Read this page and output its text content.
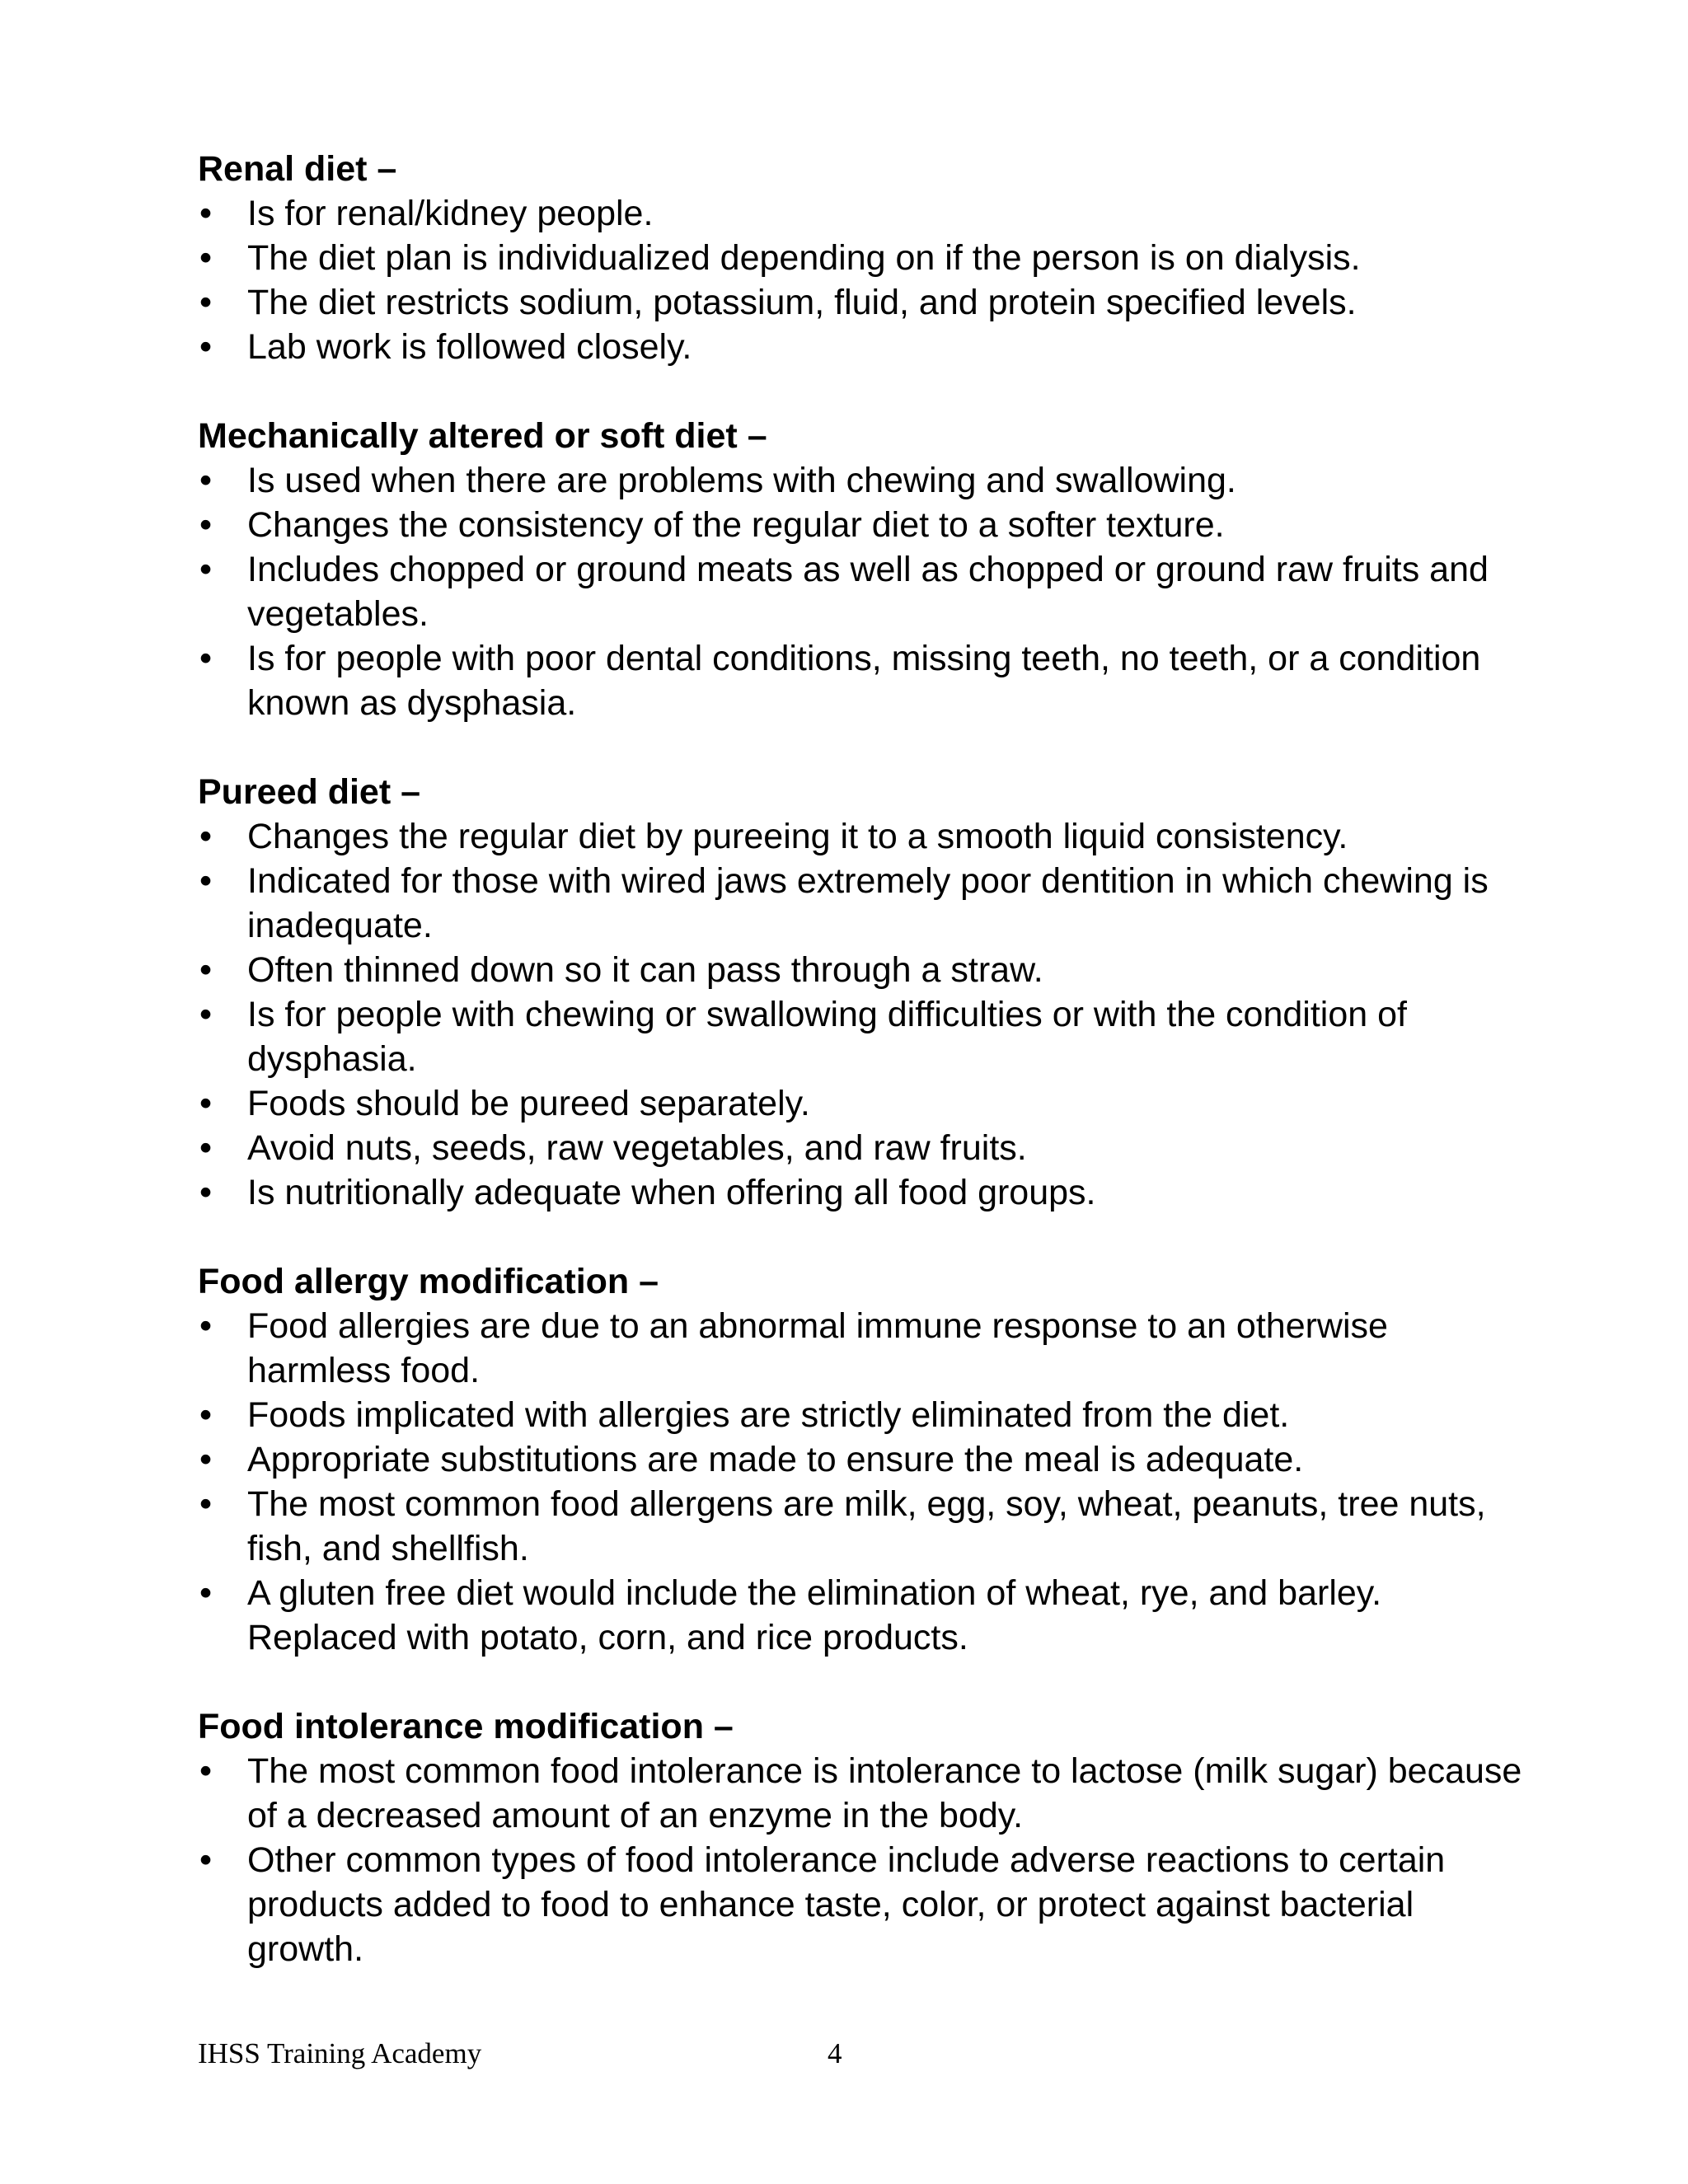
Renal diet –

• Is for renal/kidney people.
• The diet plan is individualized depending on if the person is on dialysis.
• The diet restricts sodium, potassium, fluid, and protein specified levels.
• Lab work is followed closely.

Mechanically altered or soft diet –

• Is used when there are problems with chewing and swallowing.
• Changes the consistency of the regular diet to a softer texture.
• Includes chopped or ground meats as well as chopped or ground raw fruits and vegetables.
• Is for people with poor dental conditions, missing teeth, no teeth, or a condition known as dysphasia.

Pureed diet –

• Changes the regular diet by pureeing it to a smooth liquid consistency.
• Indicated for those with wired jaws extremely poor dentition in which chewing is inadequate.
• Often thinned down so it can pass through a straw.
• Is for people with chewing or swallowing difficulties or with the condition of dysphasia.
• Foods should be pureed separately.
• Avoid nuts, seeds, raw vegetables, and raw fruits.
• Is nutritionally adequate when offering all food groups.

Food allergy modification –

• Food allergies are due to an abnormal immune response to an otherwise harmless food.
• Foods implicated with allergies are strictly eliminated from the diet.
• Appropriate substitutions are made to ensure the meal is adequate.
• The most common food allergens are milk, egg, soy, wheat, peanuts, tree nuts, fish, and shellfish.
• A gluten free diet would include the elimination of wheat, rye, and barley. Replaced with potato, corn, and rice products.

Food intolerance modification –

• The most common food intolerance is intolerance to lactose (milk sugar) because of a decreased amount of an enzyme in the body.
• Other common types of food intolerance include adverse reactions to certain products added to food to enhance taste, color, or protect against bacterial growth.
IHSS Training Academy	4
